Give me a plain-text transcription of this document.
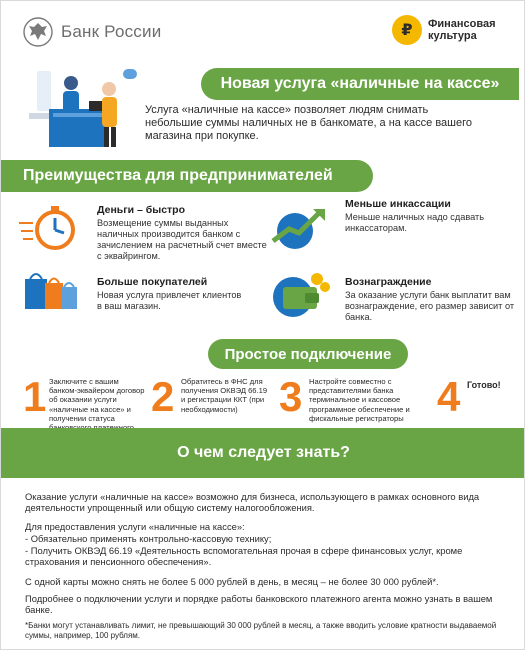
Банк России	₽	Финансовая
культура
Новая услуга «наличные на кассе»
Услуга «наличные на кассе» позволяет людям снимать небольшие суммы наличных не в банкомате, а на кассе вашего магазина при покупке.
Преимущества для предпринимателей
Деньги – быстро
Возмещение суммы выданных наличных производится банком с зачислением на расчетный счет вместе с эквайрингом.
Меньше инкассации
Меньше наличных надо сдавать инкассаторам.
Больше покупателей
Новая услуга привлечет клиентов в ваш магазин.
Вознаграждение
За оказание услуги банк выплатит вам вознаграждение, его размер зависит от банка.
Простое подключение
1 Заключите с вашим банком-эквайером договор об оказании услуги «наличные на кассе» и получении статуса 2 Обратитесь в ФНС для получения ОКВЭД 66.19 и регистрации ККТ (при необходимости) 3 Настройте совместно с представителями банка терминальное и кассовое программное обеспечение и фискальные регистраторы 4 Готово!
О чем следует знать?
Оказание услуги «наличные на кассе» возможно для бизнеса, использующего в рамках основного вида деятельности упрощенный или общую систему налогообложения.
Для предоставления услуги «наличные на кассе»:
- Обязательно применять контрольно-кассовую технику;
- Получить ОКВЭД 66.19 «Деятельность вспомогательная прочая в сфере финансовых услуг, кроме страхования и пенсионного обеспечения».
С одной карты можно снять не более 5 000 рублей в день, в месяц – не более 30 000 рублей*.
Подробнее о подключении услуги и порядке работы банковского платежного агента можно узнать в вашем банке.
*Банки могут устанавливать лимит, не превышающий 30 000 рублей в месяц, а также вводить условие кратности выдаваемой суммы, например, 100 рублям.
